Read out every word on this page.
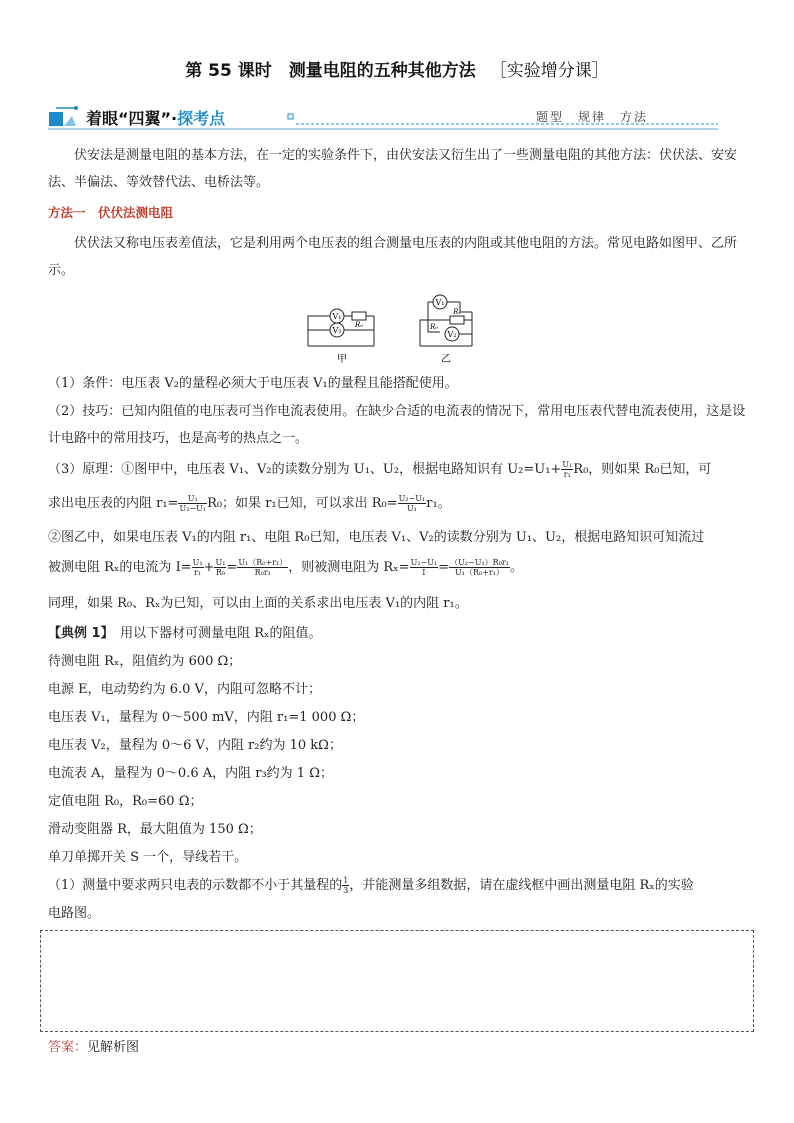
第 55 课时　测量电阻的五种其他方法 ［实验增分课］
着眼“四翼”·探考点	题型　规律　方法
伏安法是测量电阻的基本方法，在一定的实验条件下，由伏安法又衍生出了一些测量电阻的其他方法：伏伏法、安安法、半偏法、等效替代法、电桥法等。
方法一　伏伏法测电阻
伏伏法又称电压表差值法，它是利用两个电压表的组合测量电压表的内阻或其他电阻的方法。常见电路如图甲、乙所示。
V₁
V₂
R₀
V₁
V₂
R₀
Rₓ
甲	乙
（1）条件：电压表 V₂的量程必须大于电压表 V₁的量程且能搭配使用。
（2）技巧：已知内阻值的电压表可当作电流表使用。在缺少合适的电流表的情况下，常用电压表代替电流表使用，这是设计电路中的常用技巧，也是高考的热点之一。
（3）原理：①图甲中，电压表 V₁、V₂的读数分别为 U₁、U₂，根据电路知识有 $U_2=U_1+ \frac{\text{U₁}}{\text{r₁}} R_0$，则如果 R₀已知，可
求出电压表的内阻 $r_1= \frac{\text{U₁}}{\text{U₂−U₁}} R_0$；如果 r₁已知，可以求出 $R_0= \frac{\text{U₂−U₁}}{\text{U₁}} r_1$。
②图乙中，如果电压表 V₁的内阻 r₁、电阻 R₀已知，电压表 V₁、V₂的读数分别为 U₁、U₂，根据电路知识可知流过
被测电阻 Rₓ的电流为 $I= \frac{\text{U₁}}{\text{r₁}} + \frac{\text{U₁}}{\text{R₀}} = \frac{\text{U₁（R₀+r₁）}}{\text{R₀r₁}}$ ，则被测电阻为 $R_x= \frac{\text{U₂−U₁}}{I} = \frac{\text{（U₂−U₁）R₀r₁}}{\text{U₁（R₀+r₁）}}$ 。
同理，如果 R₀、Rₓ为已知，可以由上面的关系求出电压表 V₁的内阻 r₁。
【典例 1】　用以下器材可测量电阻 Rₓ的阻值。
待测电阻 Rₓ，阻值约为 600 Ω；
电源 E，电动势约为 6.0 V，内阻可忽略不计；
电压表 V₁，量程为 0～500 mV，内阻 r₁=1 000 Ω；
电压表 V₂，量程为 0～6 V，内阻 r₂约为 10 kΩ；
电流表 A，量程为 0～0.6 A，内阻 r₃约为 1 Ω；
定值电阻 R₀，R₀=60 Ω；
滑动变阻器 R，最大阻值为 150 Ω；
单刀单掷开关 S 一个，导线若干。
（1）测量中要求两只电表的示数都不小于其量程的 $\frac{1}{3}$ ，并能测量多组数据，请在虚线框中画出测量电阻 Rₓ的实验
电路图。
答案：见解析图
